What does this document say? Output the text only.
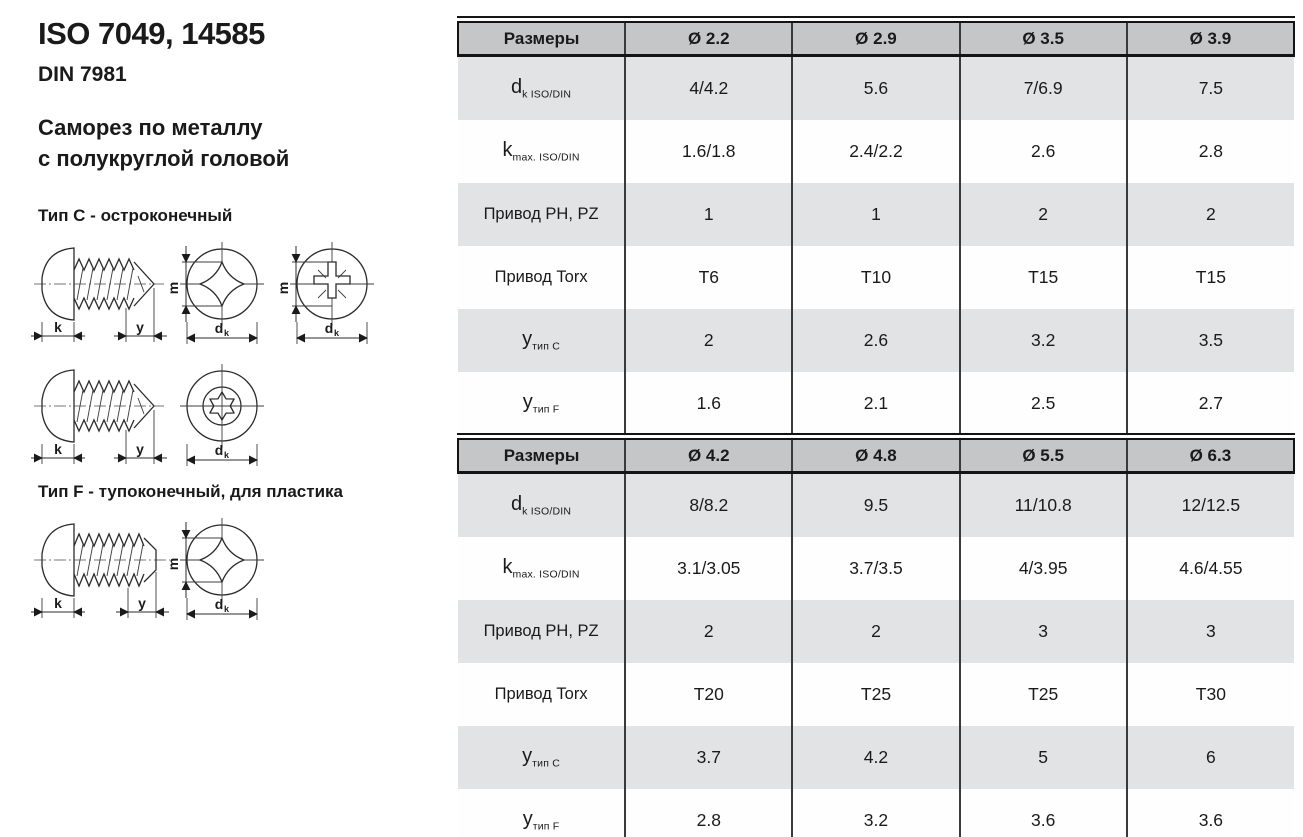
ISO 7049, 14585
DIN 7981
Саморез по металлу
с полукруглой головой
Тип C - остроконечный
Тип F - тупоконечный, для пластика
k	y
m
d k
m
d k
k	y	d k
k	y
m
d k
Размеры	Ø 2.2	Ø 2.9	Ø 3.5	Ø 3.9
$d_{k ISO/DIN}$	4/4.2	5.6	7/6.9	7.5
$k_{max. ISO/DIN}$	1.6/1.8	2.4/2.2	2.6	2.8
Привод PH, PZ	1	1	2	2
Привод Torx	T6	T10	T15	T15
$y_{тип C}$	2	2.6	3.2	3.5
$y_{тип F}$	1.6	2.1	2.5	2.7
Размеры	Ø 4.2	Ø 4.8	Ø 5.5	Ø 6.3
$d_{k ISO/DIN}$	8/8.2	9.5	11/10.8	12/12.5
$k_{max. ISO/DIN}$	3.1/3.05	3.7/3.5	4/3.95	4.6/4.55
Привод PH, PZ	2	2	3	3
Привод Torx	T20	T25	T25	T30
$y_{тип C}$	3.7	4.2	5	6
$y_{тип F}$	2.8	3.2	3.6	3.6
